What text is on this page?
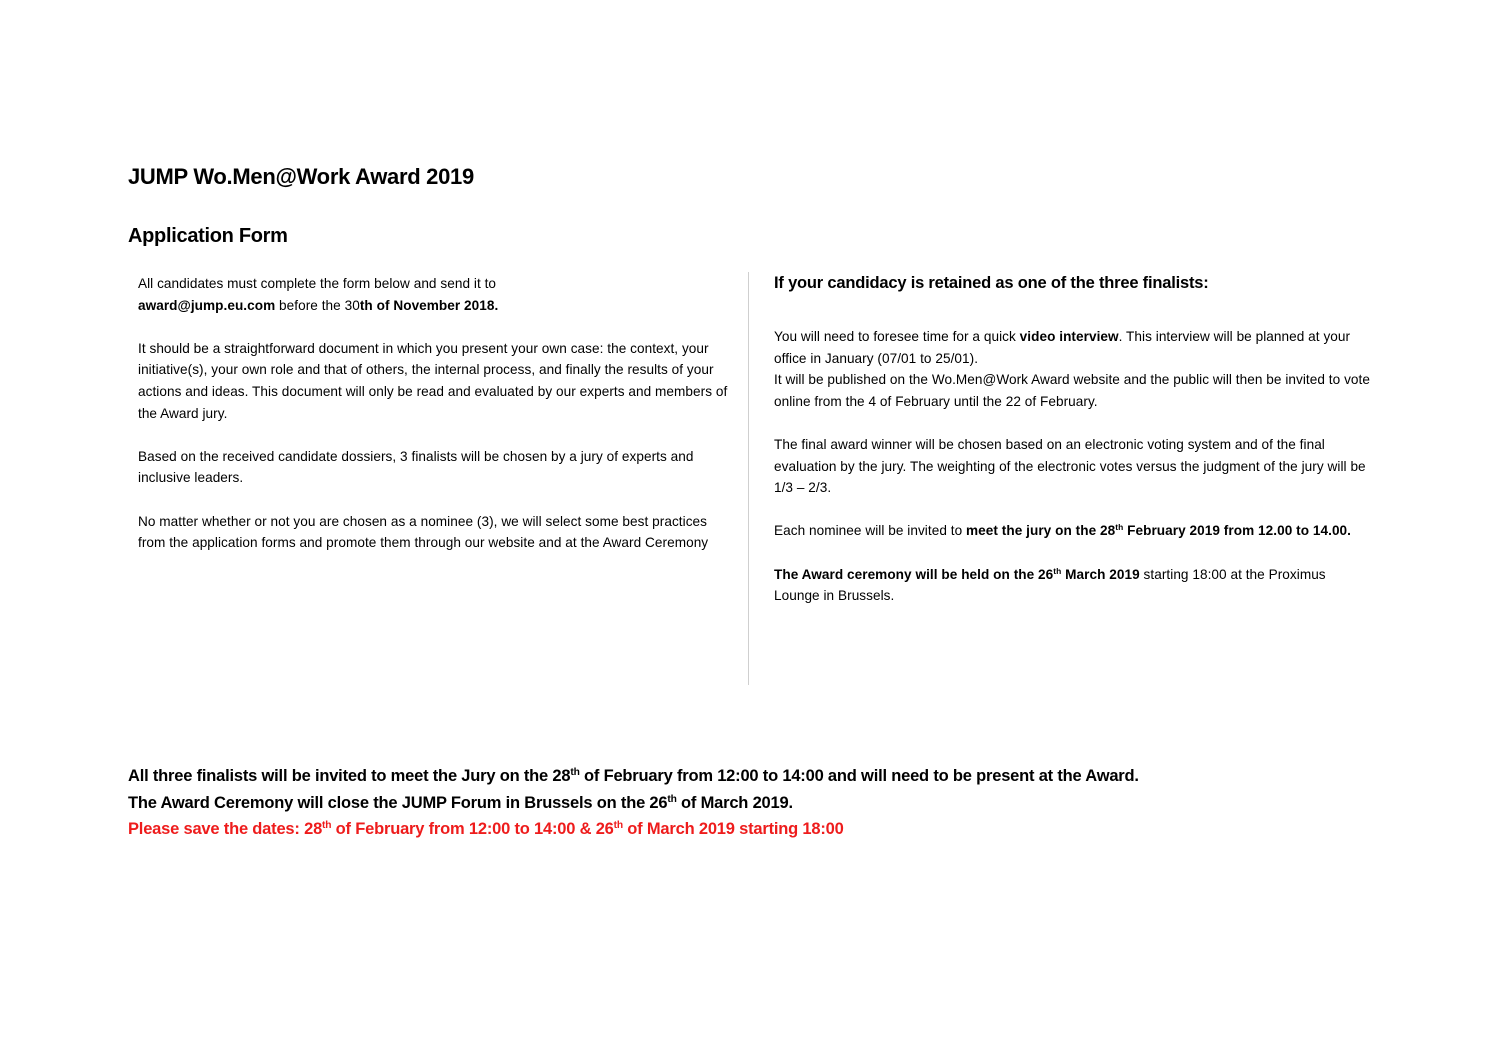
JUMP Wo.Men@Work Award 2019
Application Form

All candidates must complete the form below and send it to
award@jump.eu.com before the 30th of November 2018.

It should be a straightforward document in which you present your own case: the context, your initiative(s), your own role and that of others, the internal process, and finally the results of your actions and ideas. This document will only be read and evaluated by our experts and members of the Award jury.

Based on the received candidate dossiers, 3 finalists will be chosen by a jury of experts and inclusive leaders.

No matter whether or not you are chosen as a nominee (3), we will select some best practices from the application forms and promote them through our website and at the Award Ceremony

If your candidacy is retained as one of the three finalists:

You will need to foresee time for a quick video interview. This interview will be planned at your office in January (07/01 to 25/01).
It will be published on the Wo.Men@Work Award website and the public will then be invited to vote online from the 4 of February until the 22 of February.

The final award winner will be chosen based on an electronic voting system and of the final evaluation by the jury. The weighting of the electronic votes versus the judgment of the jury will be 1/3 – 2/3.

Each nominee will be invited to meet the jury on the 28th February 2019 from 12.00 to 14.00.

The Award ceremony will be held on the 26th March 2019 starting 18:00 at the Proximus Lounge in Brussels.

All three finalists will be invited to meet the Jury on the 28th of February from 12:00 to 14:00 and will need to be present at the Award.
The Award Ceremony will close the JUMP Forum in Brussels on the 26th of March 2019.
Please save the dates: 28th of February from 12:00 to 14:00 & 26th of March 2019 starting 18:00
